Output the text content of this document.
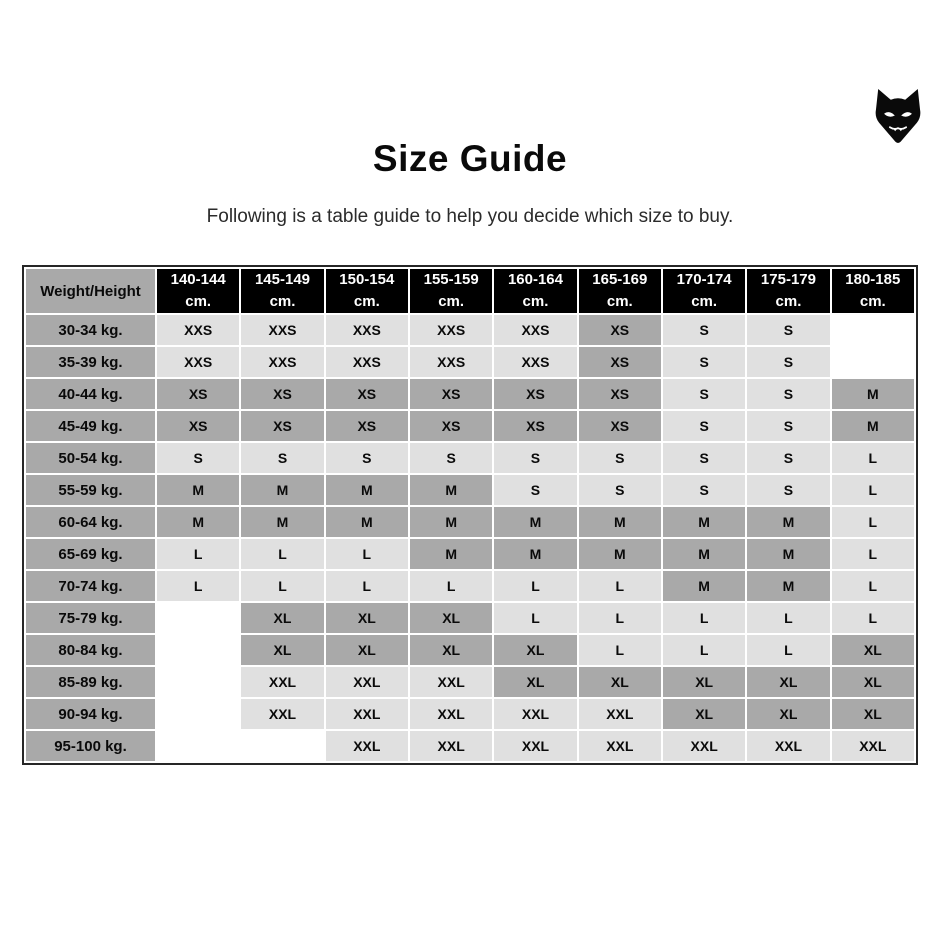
Size Guide

Following is a table guide to help you decide which size to buy.

Weight/Height	140-144 cm.	145-149 cm.	150-154 cm.	155-159 cm.	160-164 cm.	165-169 cm.	170-174 cm.	175-179 cm.	180-185 cm.
30-34 kg.	XXS	XXS	XXS	XXS	XXS	XS	S	S	
35-39 kg.	XXS	XXS	XXS	XXS	XXS	XS	S	S	
40-44 kg.	XS	XS	XS	XS	XS	XS	S	S	M
45-49 kg.	XS	XS	XS	XS	XS	XS	S	S	M
50-54 kg.	S	S	S	S	S	S	S	S	L
55-59 kg.	M	M	M	M	S	S	S	S	L
60-64 kg.	M	M	M	M	M	M	M	M	L
65-69 kg.	L	L	L	M	M	M	M	M	L
70-74 kg.	L	L	L	L	L	L	M	M	L
75-79 kg.		XL	XL	XL	L	L	L	L	L
80-84 kg.		XL	XL	XL	XL	L	L	L	XL
85-89 kg.		XXL	XXL	XXL	XL	XL	XL	XL	XL
90-94 kg.		XXL	XXL	XXL	XXL	XXL	XL	XL	XL
95-100 kg.			XXL	XXL	XXL	XXL	XXL	XXL	XXL
